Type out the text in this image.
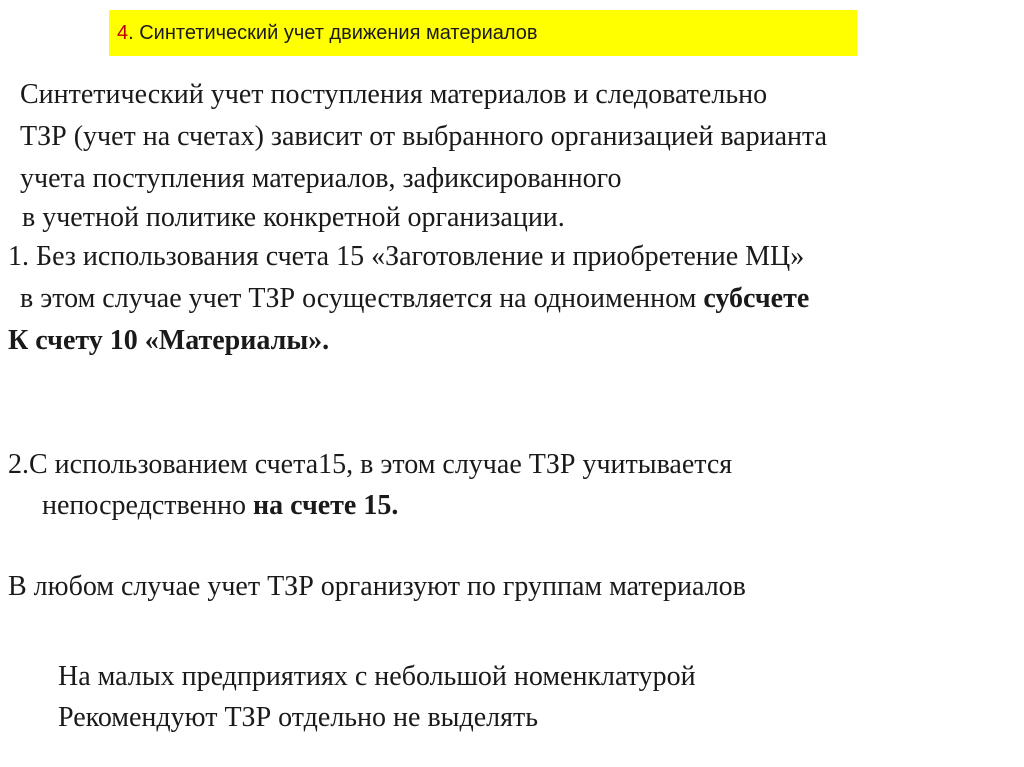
4 . Синтетический учет движения материалов
Синтетический учет поступления материалов и следовательно
ТЗР (учет на счетах) зависит от выбранного организацией варианта
учета поступления материалов, зафиксированного
в учетной политике конкретной организации.
1. Без использования счета 15 «Заготовление и приобретение МЦ»
в этом случае учет ТЗР осуществляется на одноименном субсчете
К счету 10 «Материалы».
2.С использованием счета15, в этом случае ТЗР учитывается
непосредственно на счете 15.
В любом случае учет ТЗР организуют по группам материалов
На малых предприятиях с небольшой номенклатурой
Рекомендуют ТЗР отдельно не выделять
